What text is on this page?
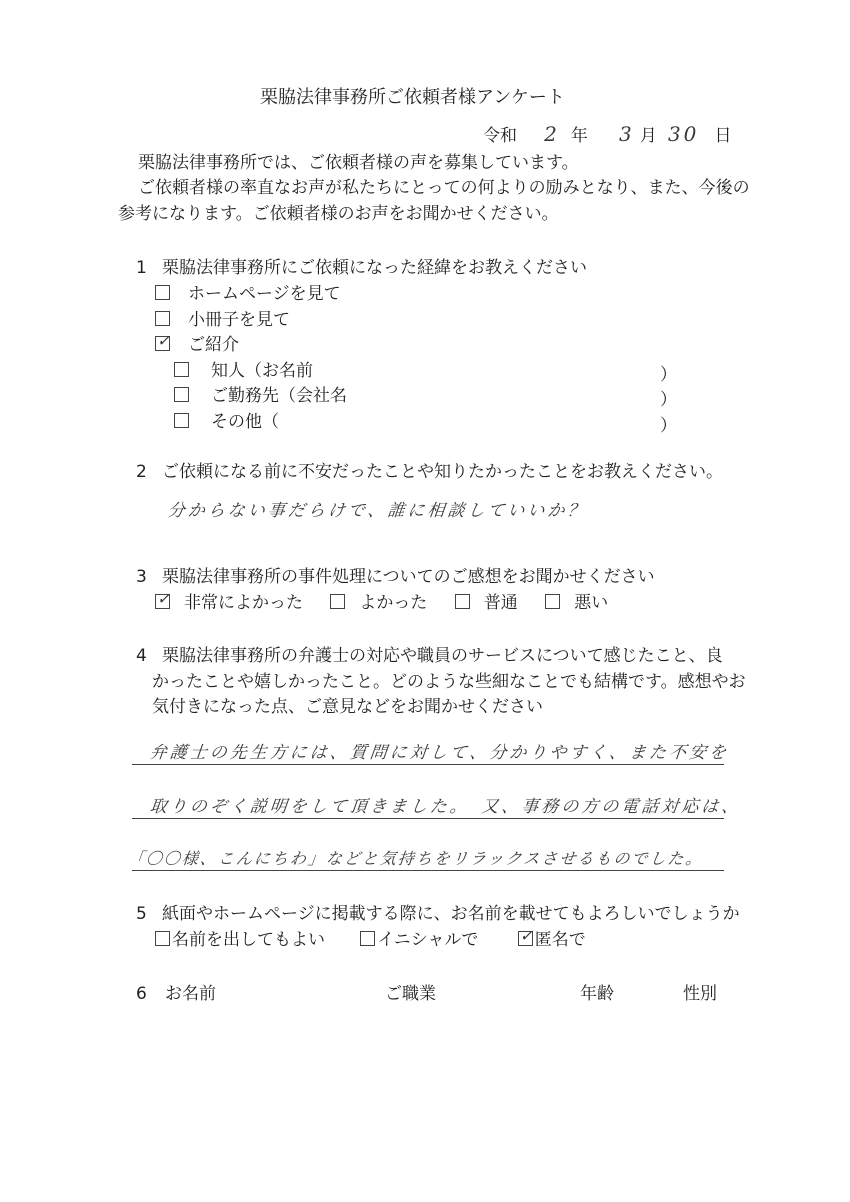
栗脇法律事務所ご依頼者様アンケート
令和 2 年 3 月 30 日
栗脇法律事務所では、ご依頼者様の声を募集しています。
ご依頼者様の率直なお声が私たちにとっての何よりの励みとなり、また、今後の
参考になります。ご依頼者様のお声をお聞かせください。
1 栗脇法律事務所にご依頼になった経緯をお教えください
ホームページを見て
小冊子を見て
✓ ご紹介
知人（お名前	）
ご勤務先（会社名	）
その他（	）
2 ご依頼になる前に不安だったことや知りたかったことをお教えください。
分からない事だらけで、誰に相談していいか？
3 栗脇法律事務所の事件処理についてのご感想をお聞かせください
✓ 非常によかった	よかった	普通	悪い
4 栗脇法律事務所の弁護士の対応や職員のサービスについて感じたこと、良
かったことや嬉しかったこと。どのような些細なことでも結構です。感想やお
気付きになった点、ご意見などをお聞かせください
弁護士の先生方には、質問に対して、分かりやすく、また不安を
取りのぞく説明をして頂きました。　又、事務の方の電話対応は、
「〇〇様、こんにちわ」などと気持ちをリラックスさせるものでした。
5 紙面やホームページに掲載する際に、お名前を載せてもよろしいでしょうか
名前を出してもよい	イニシャルで ✓ 匿名で
6 お名前	ご職業	年齢	性別
